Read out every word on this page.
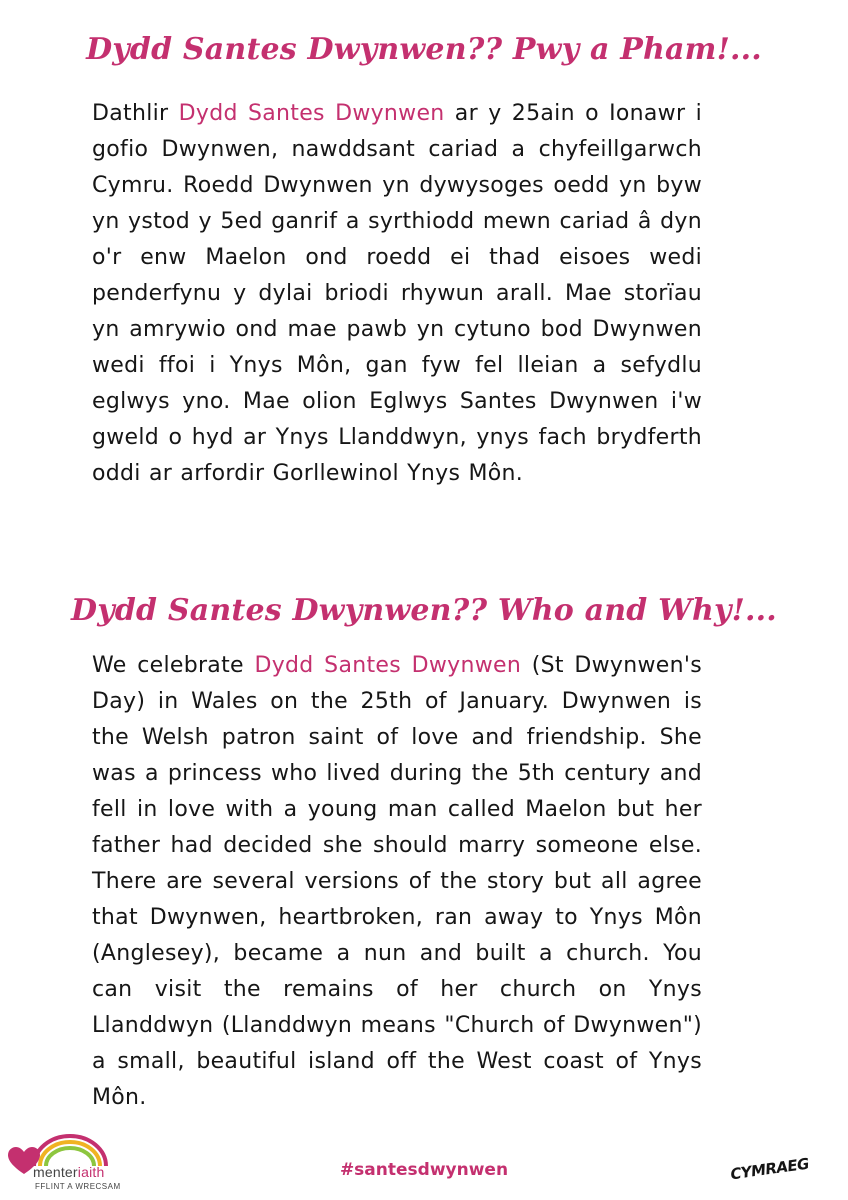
Dydd Santes Dwynwen?? Pwy a Pham!...
Dathlir Dydd Santes Dwynwen ar y 25ain o Ionawr i gofio Dwynwen, nawddsant cariad a chyfeillgarwch Cymru. Roedd Dwynwen yn dywysoges oedd yn byw yn ystod y 5ed ganrif a syrthiodd mewn cariad â dyn o'r enw Maelon ond roedd ei thad eisoes wedi penderfynu y dylai briodi rhywun arall. Mae storïau yn amrywio ond mae pawb yn cytuno bod Dwynwen wedi ffoi i Ynys Môn, gan fyw fel lleian a sefydlu eglwys yno. Mae olion Eglwys Santes Dwynwen i'w gweld o hyd ar Ynys Llanddwyn, ynys fach brydferth oddi ar arfordir Gorllewinol Ynys Môn.
Dydd Santes Dwynwen?? Who and Why!...
We celebrate Dydd Santes Dwynwen (St Dwynwen's Day) in Wales on the 25th of January. Dwynwen is the Welsh patron saint of love and friendship. She was a princess who lived during the 5th century and fell in love with a young man called Maelon but her father had decided she should marry someone else. There are several versions of the story but all agree that Dwynwen, heartbroken, ran away to Ynys Môn (Anglesey), became a nun and built a church. You can visit the remains of her church on Ynys Llanddwyn (Llanddwyn means "Church of Dwynwen") a small, beautiful island off the West coast of Ynys Môn.
menteriaith
FFLINT A WRECSAM
#santesdwynwen	CYMRAEG
